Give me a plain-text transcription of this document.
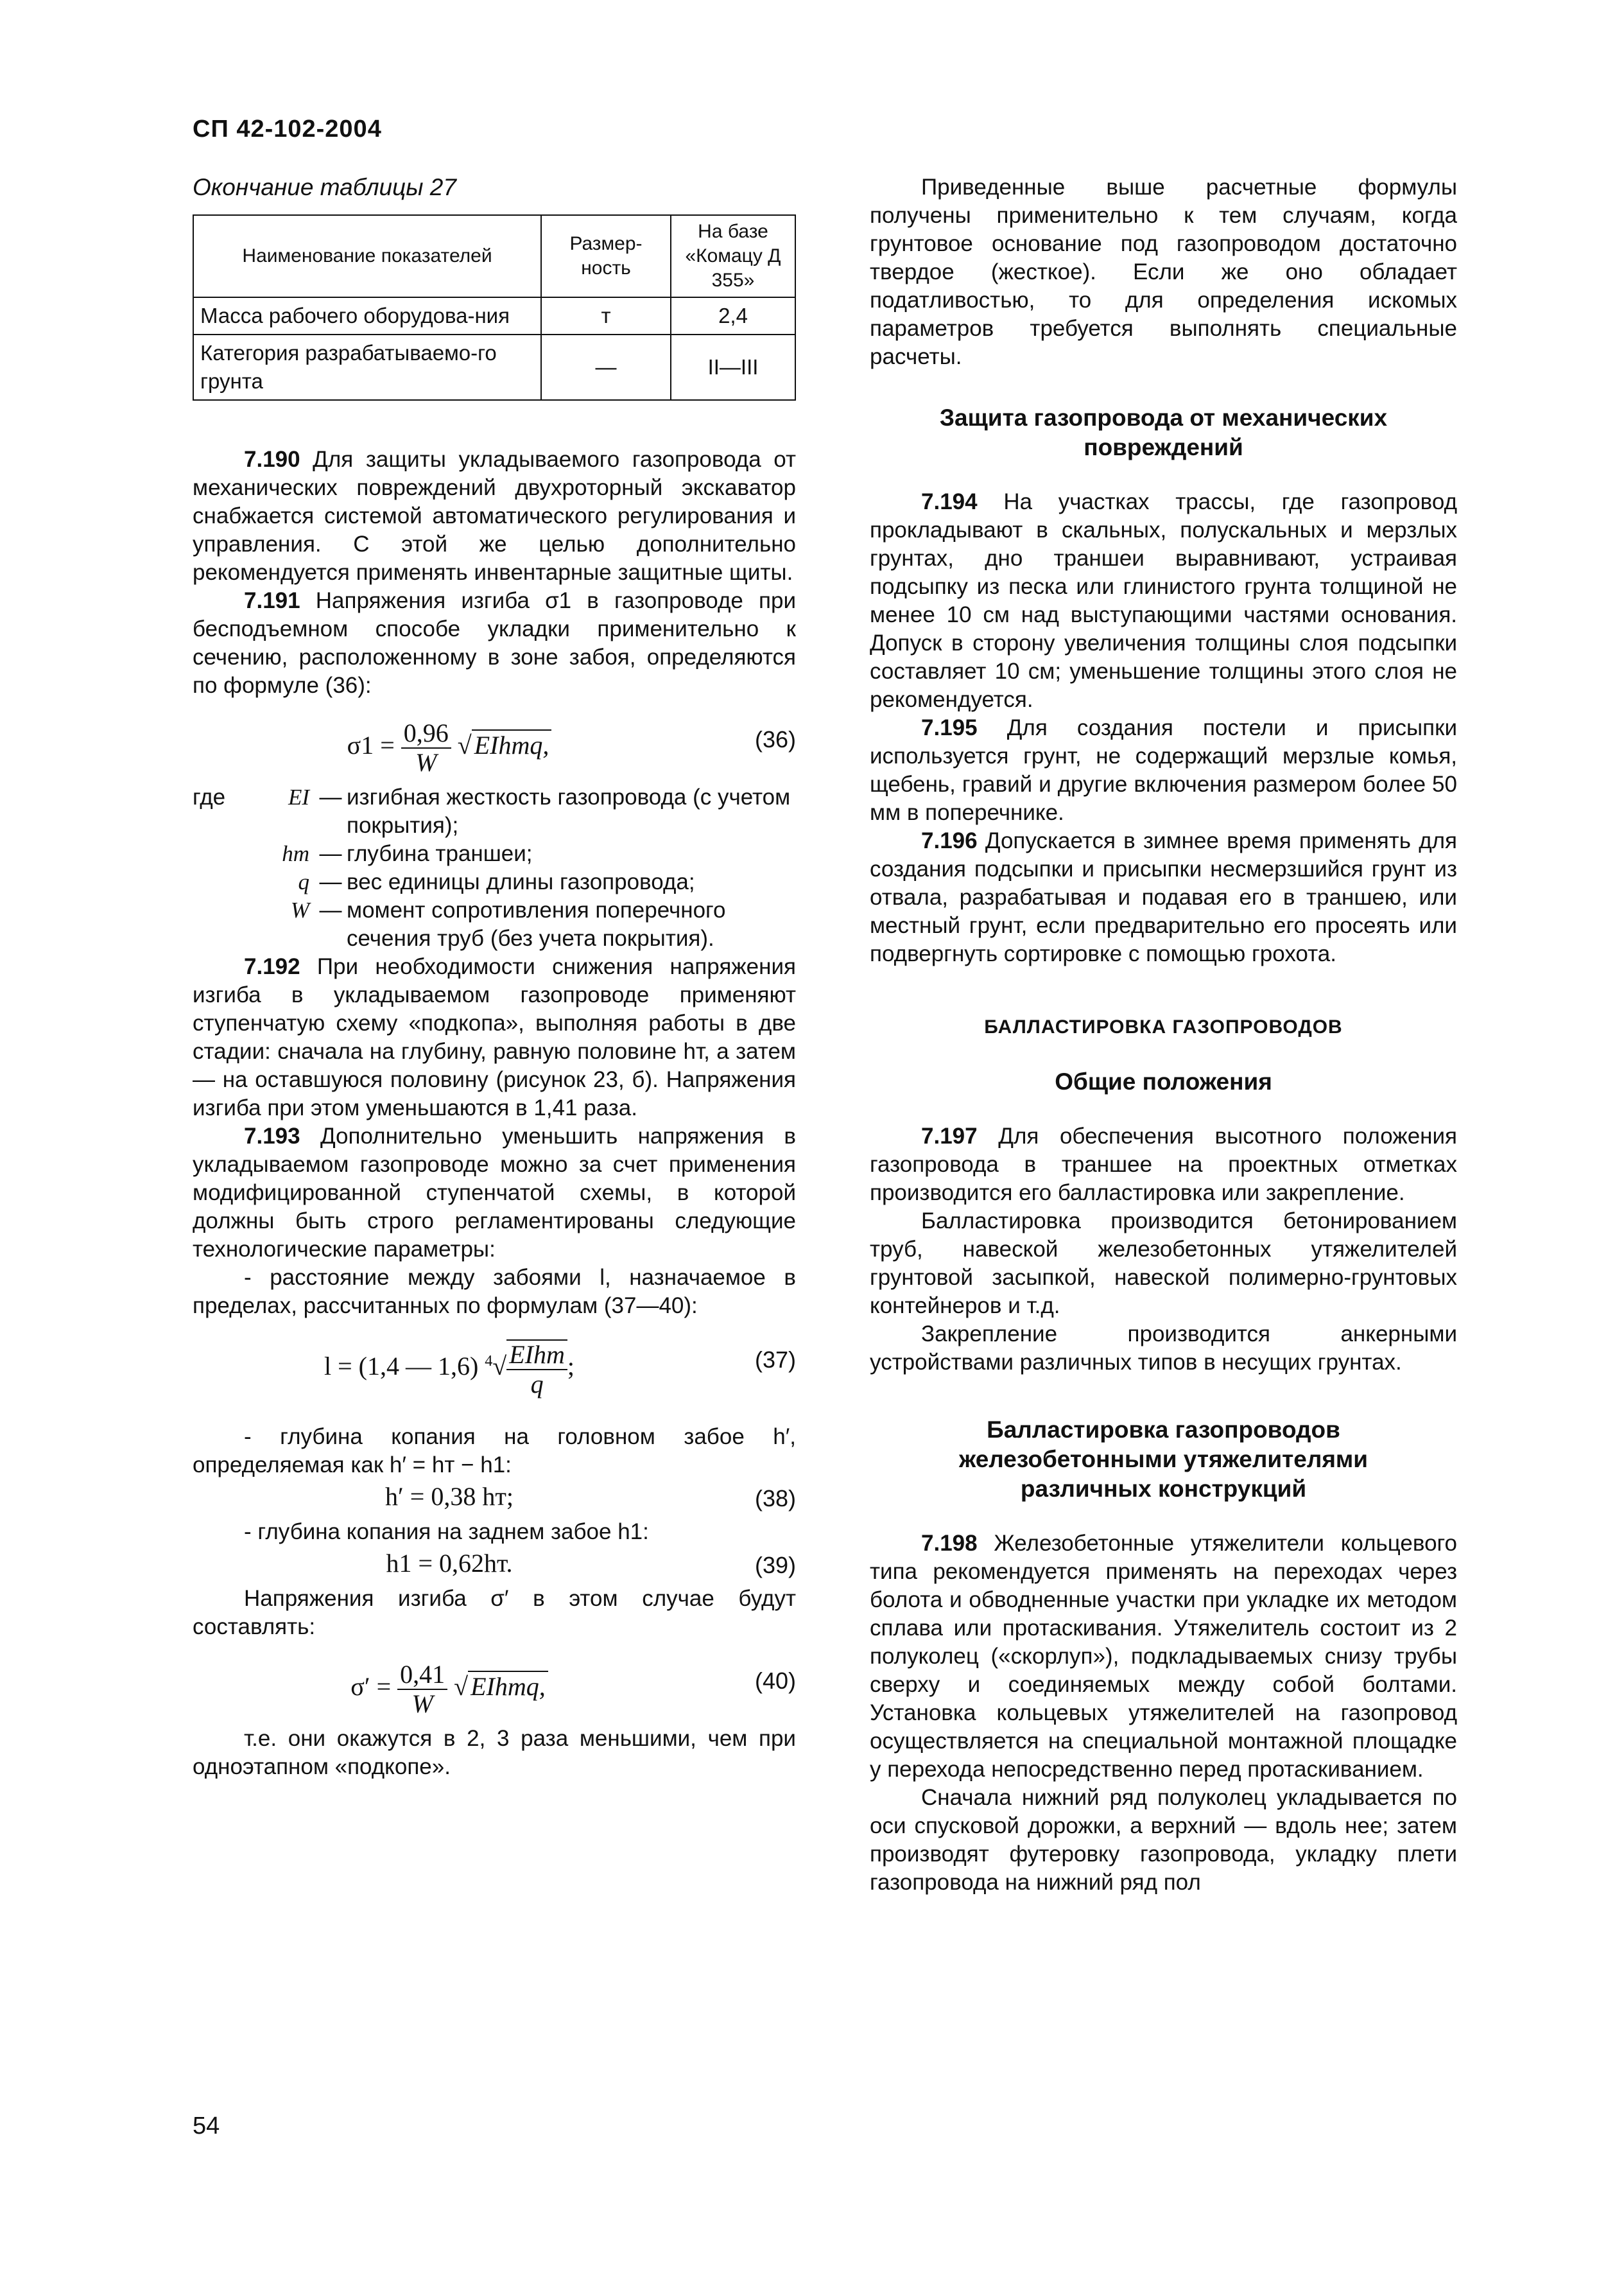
СП 42-102-2004
Окончание таблицы 27
Наименование показателей	Размер-ность	На базе «Комацу Д 355»
Масса рабочего оборудова-ния	т	2,4
Категория разрабатываемо-го грунта	—	II—III

7.190 Для защиты укладываемого газопровода от механических повреждений двухроторный экскаватор снабжается системой автоматического регулирования и управления. С этой же целью дополнительно рекомендуется применять инвентарные защитные щиты.

7.191 Напряжения изгиба σ1 в газопроводе при бесподъемном способе укладки применительно к сечению, расположенному в зоне забоя, определяются по формуле (36):

$\sigma 1 = \frac{0,96}{W}$ √ EIhтq,	(36)
где	EI — изгибная жесткость газопровода (с учетом покрытия);
hт — глубина траншеи;
q — вес единицы длины газопровода;
W — момент сопротивления поперечного сечения труб (без учета покрытия).

7.192 При необходимости снижения напряжения изгиба в укладываемом газопроводе применяют ступенчатую схему «подкопа», выполняя работы в две стадии: сначала на глубину, равную половине hт, а затем — на оставшуюся половину (рисунок 23, б). Напряжения изгиба при этом уменьшаются в 1,41 раза.

7.193 Дополнительно уменьшить напряжения в укладываемом газопроводе можно за счет применения модифицированной ступенчатой схемы, в которой должны быть строго регламентированы следующие технологические параметры:

- расстояние между забоями l, назначаемое в пределах, рассчитанных по формулам (37—40):

l = (1,4 — 1,6) $^4√ \frac{\text{EIhт}}{q}$ ;	(37)

- глубина копания на головном забое h′, определяемая как h′ = hт − h1:

h′ = 0,38 hт;	(38)

- глубина копания на заднем забое h1:

h1 = 0,62hт.	(39)

Напряжения изгиба σ′ в этом случае будут составлять:

$\sigma' = \frac{0,41}{W}$ √ EIhтq,	(40)

т.е. они окажутся в 2, 3 раза меньшими, чем при одноэтапном «подкопе».

Приведенные выше расчетные формулы получены применительно к тем случаям, когда грунтовое основание под газопроводом достаточно твердое (жесткое). Если же оно обладает податливостью, то для определения искомых параметров требуется выполнять специальные расчеты.

Защита газопровода от механических повреждений

7.194 На участках трассы, где газопровод прокладывают в скальных, полускальных и мерзлых грунтах, дно траншеи выравнивают, устраивая подсыпку из песка или глинистого грунта толщиной не менее 10 см над выступающими частями основания. Допуск в сторону увеличения толщины слоя подсыпки составляет 10 см; уменьшение толщины этого слоя не рекомендуется.

7.195 Для создания постели и присыпки используется грунт, не содержащий мерзлые комья, щебень, гравий и другие включения размером более 50 мм в поперечнике.

7.196 Допускается в зимнее время применять для создания подсыпки и присыпки несмерзшийся грунт из отвала, разрабатывая и подавая его в траншею, или местный грунт, если предварительно его просеять или подвергнуть сортировке с помощью грохота.

БАЛЛАСТИРОВКА ГАЗОПРОВОДОВ
Общие положения

7.197 Для обеспечения высотного положения газопровода в траншее на проектных отметках производится его балластировка или закрепление.

Балластировка производится бетонированием труб, навеской железобетонных утяжелителей грунтовой засыпкой, навеской полимерно-грунтовых контейнеров и т.д.

Закрепление производится анкерными устройствами различных типов в несущих грунтах.

Балластировка газопроводов железобетонными утяжелителями различных конструкций

7.198 Железобетонные утяжелители кольцевого типа рекомендуется применять на переходах через болота и обводненные участки при укладке их методом сплава или протаскивания. Утяжелитель состоит из 2 полуколец («скорлуп»), подкладываемых снизу трубы сверху и соединяемых между собой болтами. Установка кольцевых утяжелителей на газопровод осуществляется на специальной монтажной площадке у перехода непосредственно перед протаскиванием.

Сначала нижний ряд полуколец укладывается по оси спусковой дорожки, а верхний — вдоль нее; затем производят футеровку газопровода, укладку плети газопровода на нижний ряд пол

54
